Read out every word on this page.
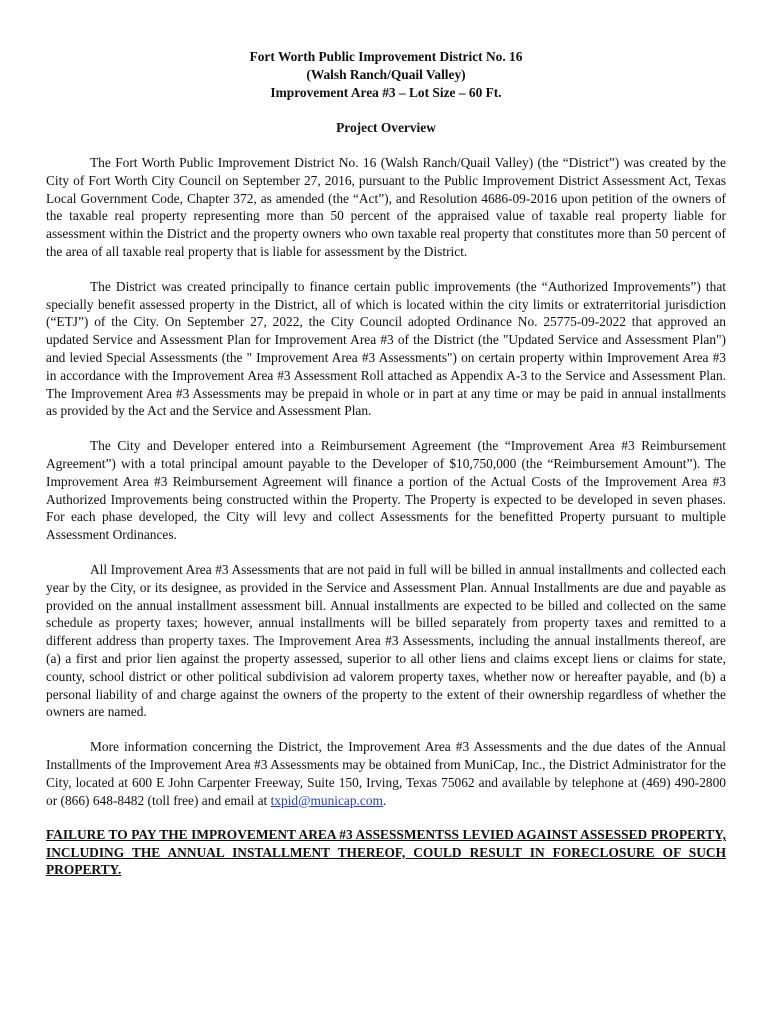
Fort Worth Public Improvement District No. 16
(Walsh Ranch/Quail Valley)
Improvement Area #3 – Lot Size – 60 Ft.
Project Overview

The Fort Worth Public Improvement District No. 16 (Walsh Ranch/Quail Valley) (the “District”) was created by the City of Fort Worth City Council on September 27, 2016, pursuant to the Public Improvement District Assessment Act, Texas Local Government Code, Chapter 372, as amended (the “Act”), and Resolution 4686-09-2016 upon petition of the owners of the taxable real property representing more than 50 percent of the appraised value of taxable real property liable for assessment within the District and the property owners who own taxable real property that constitutes more than 50 percent of the area of all taxable real property that is liable for assessment by the District.

The District was created principally to finance certain public improvements (the “Authorized Improvements”) that specially benefit assessed property in the District, all of which is located within the city limits or extraterritorial jurisdiction (“ETJ”) of the City. On September 27, 2022, the City Council adopted Ordinance No. 25775-09-2022 that approved an updated Service and Assessment Plan for Improvement Area #3 of the District (the "Updated Service and Assessment Plan") and levied Special Assessments (the " Improvement Area #3 Assessments") on certain property within Improvement Area #3 in accordance with the Improvement Area #3 Assessment Roll attached as Appendix A-3 to the Service and Assessment Plan. The Improvement Area #3 Assessments may be prepaid in whole or in part at any time or may be paid in annual installments as provided by the Act and the Service and Assessment Plan.

The City and Developer entered into a Reimbursement Agreement (the “Improvement Area #3 Reimbursement Agreement”) with a total principal amount payable to the Developer of $10,750,000 (the “Reimbursement Amount”). The Improvement Area #3 Reimbursement Agreement will finance a portion of the Actual Costs of the Improvement Area #3 Authorized Improvements being constructed within the Property. The Property is expected to be developed in seven phases. For each phase developed, the City will levy and collect Assessments for the benefitted Property pursuant to multiple Assessment Ordinances.

All Improvement Area #3 Assessments that are not paid in full will be billed in annual installments and collected each year by the City, or its designee, as provided in the Service and Assessment Plan. Annual Installments are due and payable as provided on the annual installment assessment bill. Annual installments are expected to be billed and collected on the same schedule as property taxes; however, annual installments will be billed separately from property taxes and remitted to a different address than property taxes. The Improvement Area #3 Assessments, including the annual installments thereof, are (a) a first and prior lien against the property assessed, superior to all other liens and claims except liens or claims for state, county, school district or other political subdivision ad valorem property taxes, whether now or hereafter payable, and (b) a personal liability of and charge against the owners of the property to the extent of their ownership regardless of whether the owners are named.

More information concerning the District, the Improvement Area #3 Assessments and the due dates of the Annual Installments of the Improvement Area #3 Assessments may be obtained from MuniCap, Inc., the District Administrator for the City, located at 600 E John Carpenter Freeway, Suite 150, Irving, Texas 75062 and available by telephone at (469) 490-2800 or (866) 648-8482 (toll free) and email at txpid@municap.com.

FAILURE TO PAY THE IMPROVEMENT AREA #3 ASSESSMENTSS LEVIED AGAINST ASSESSED PROPERTY, INCLUDING THE ANNUAL INSTALLMENT THEREOF, COULD RESULT IN FORECLOSURE OF SUCH PROPERTY.
